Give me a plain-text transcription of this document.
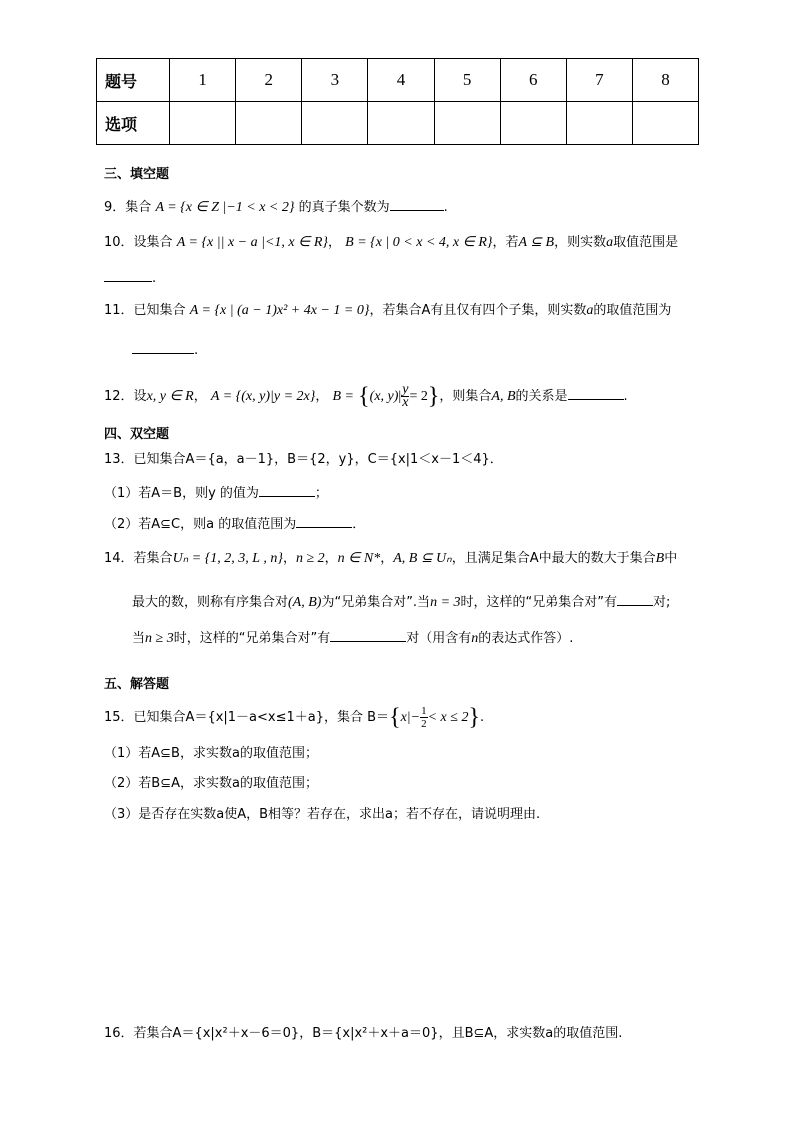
题号	1	2	3	4	5	6	7	8
选项								
三、填空题
9．集合 A = {x ∈ Z |−1 < x < 2} 的真子集个数为	.
10．设集合 A = {x || x − a |<1, x ∈ R}， B = {x | 0 < x < 4, x ∈ R}，若A ⊆ B，则实数a取值范围是
.
11．已知集合 A = {x | (a − 1)x² + 4x − 1 = 0}，若集合A有且仅有四个子集，则实数a的取值范围为
.
12．设x, y ∈ R， A = {(x, y)|y = 2x}， B = {(x, $y)| \frac{y}{x} = 2$}，则集合A, B的关系是	.
四、双空题
13．已知集合A＝{a，a－1}，B＝{2，y}，C＝{x|1＜x－1＜4}．
（1）若A＝B，则y 的值为	；
（2）若A⊆C，则a 的取值范围为	．
14．若集合Uₙ = {1, 2, 3, L , n}，n ≥ 2，n ∈ N*，A, B ⊆ Uₙ，且满足集合A中最大的数大于集合B中
最大的数，则称有序集合对(A, B)为“兄弟集合对”.当n = 3时，这样的“兄弟集合对”有	对;
当n ≥ 3时，这样的“兄弟集合对”有	对（用含有n的表达式作答）.
五、解答题
15．已知集合A＝{x|1－a<x≤1＋a}，集合 $B=\{x|- \frac{1}{2} < x \le 2\}$.
（1）若A⊆B，求实数a的取值范围；
（2）若B⊆A，求实数a的取值范围；
（3）是否存在实数a使A，B相等？若存在，求出a；若不存在，请说明理由.
16．若集合A＝{x|x²＋x－6＝0}，B＝{x|x²＋x＋a＝0}，且B⊆A，求实数a的取值范围.
